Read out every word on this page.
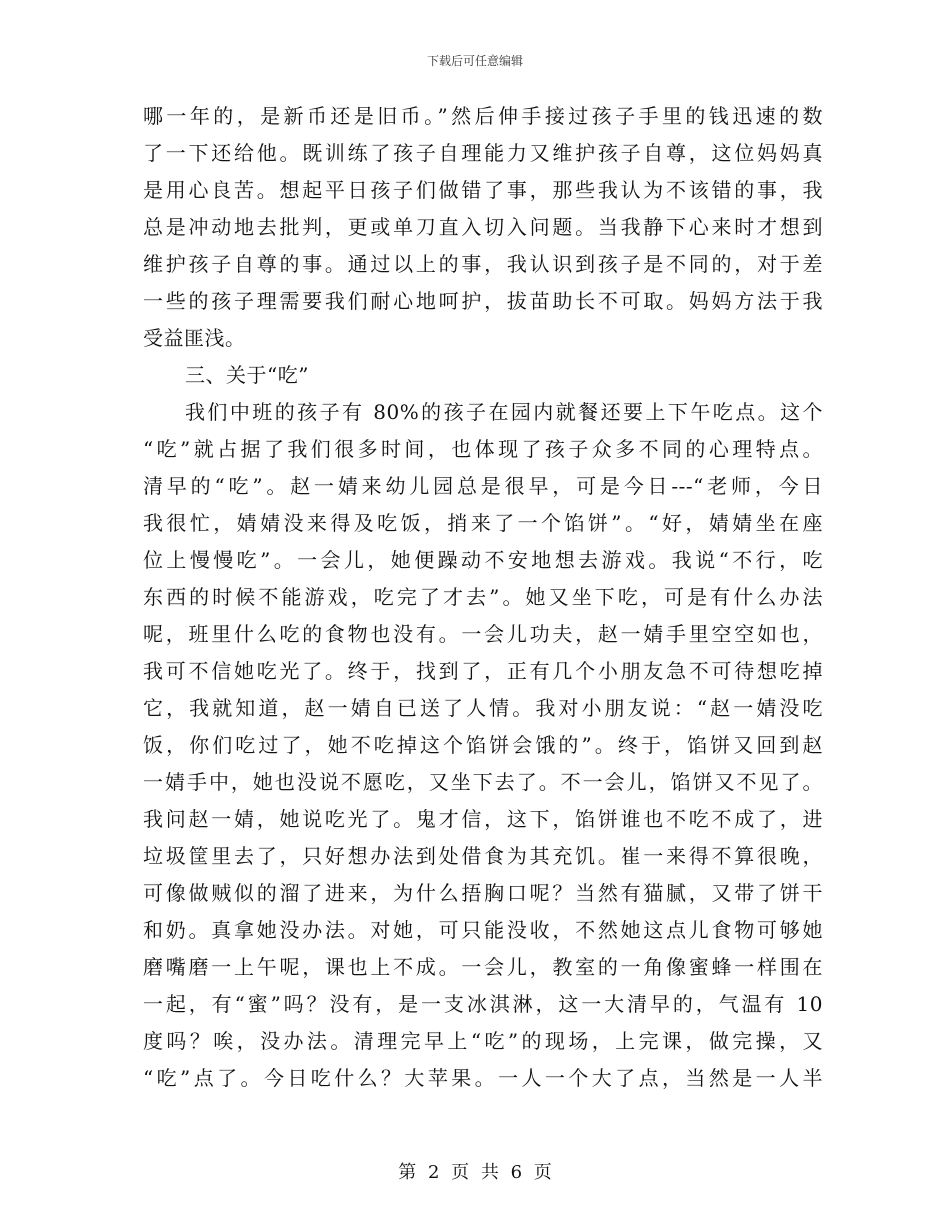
下载后可任意编辑
哪一年的，是新币还是旧币。”然后伸手接过孩子手里的钱迅速的数
了一下还给他。既训练了孩子自理能力又维护孩子自尊，这位妈妈真
是用心良苦。想起平日孩子们做错了事，那些我认为不该错的事，我
总是冲动地去批判，更或单刀直入切入问题。当我静下心来时才想到
维护孩子自尊的事。通过以上的事，我认识到孩子是不同的，对于差
一些的孩子理需要我们耐心地呵护，拔苗助长不可取。妈妈方法于我
受益匪浅。
三、关于“吃”
我们中班的孩子有 80%的孩子在园内就餐还要上下午吃点。这个
“吃”就占据了我们很多时间，也体现了孩子众多不同的心理特点。
清早的“吃”。赵一婧来幼儿园总是很早，可是今日---“老师，今日
我很忙，婧婧没来得及吃饭，捎来了一个馅饼”。“好，婧婧坐在座
位上慢慢吃”。一会儿，她便躁动不安地想去游戏。我说“不行，吃
东西的时候不能游戏，吃完了才去”。她又坐下吃，可是有什么办法
呢，班里什么吃的食物也没有。一会儿功夫，赵一婧手里空空如也，
我可不信她吃光了。终于，找到了，正有几个小朋友急不可待想吃掉
它，我就知道，赵一婧自已送了人情。我对小朋友说：“赵一婧没吃
饭，你们吃过了，她不吃掉这个馅饼会饿的”。终于，馅饼又回到赵
一婧手中，她也没说不愿吃，又坐下去了。不一会儿，馅饼又不见了。
我问赵一婧，她说吃光了。鬼才信，这下，馅饼谁也不吃不成了，进
垃圾筐里去了，只好想办法到处借食为其充饥。崔一来得不算很晚，
可像做贼似的溜了进来，为什么捂胸口呢？当然有猫腻，又带了饼干
和奶。真拿她没办法。对她，可只能没收，不然她这点儿食物可够她
磨嘴磨一上午呢，课也上不成。一会儿，教室的一角像蜜蜂一样围在
一起，有“蜜”吗？没有，是一支冰淇淋，这一大清早的，气温有 10
度吗？唉，没办法。清理完早上“吃”的现场，上完课，做完操，又
“吃”点了。今日吃什么？大苹果。一人一个大了点，当然是一人半
第 2 页 共 6 页
